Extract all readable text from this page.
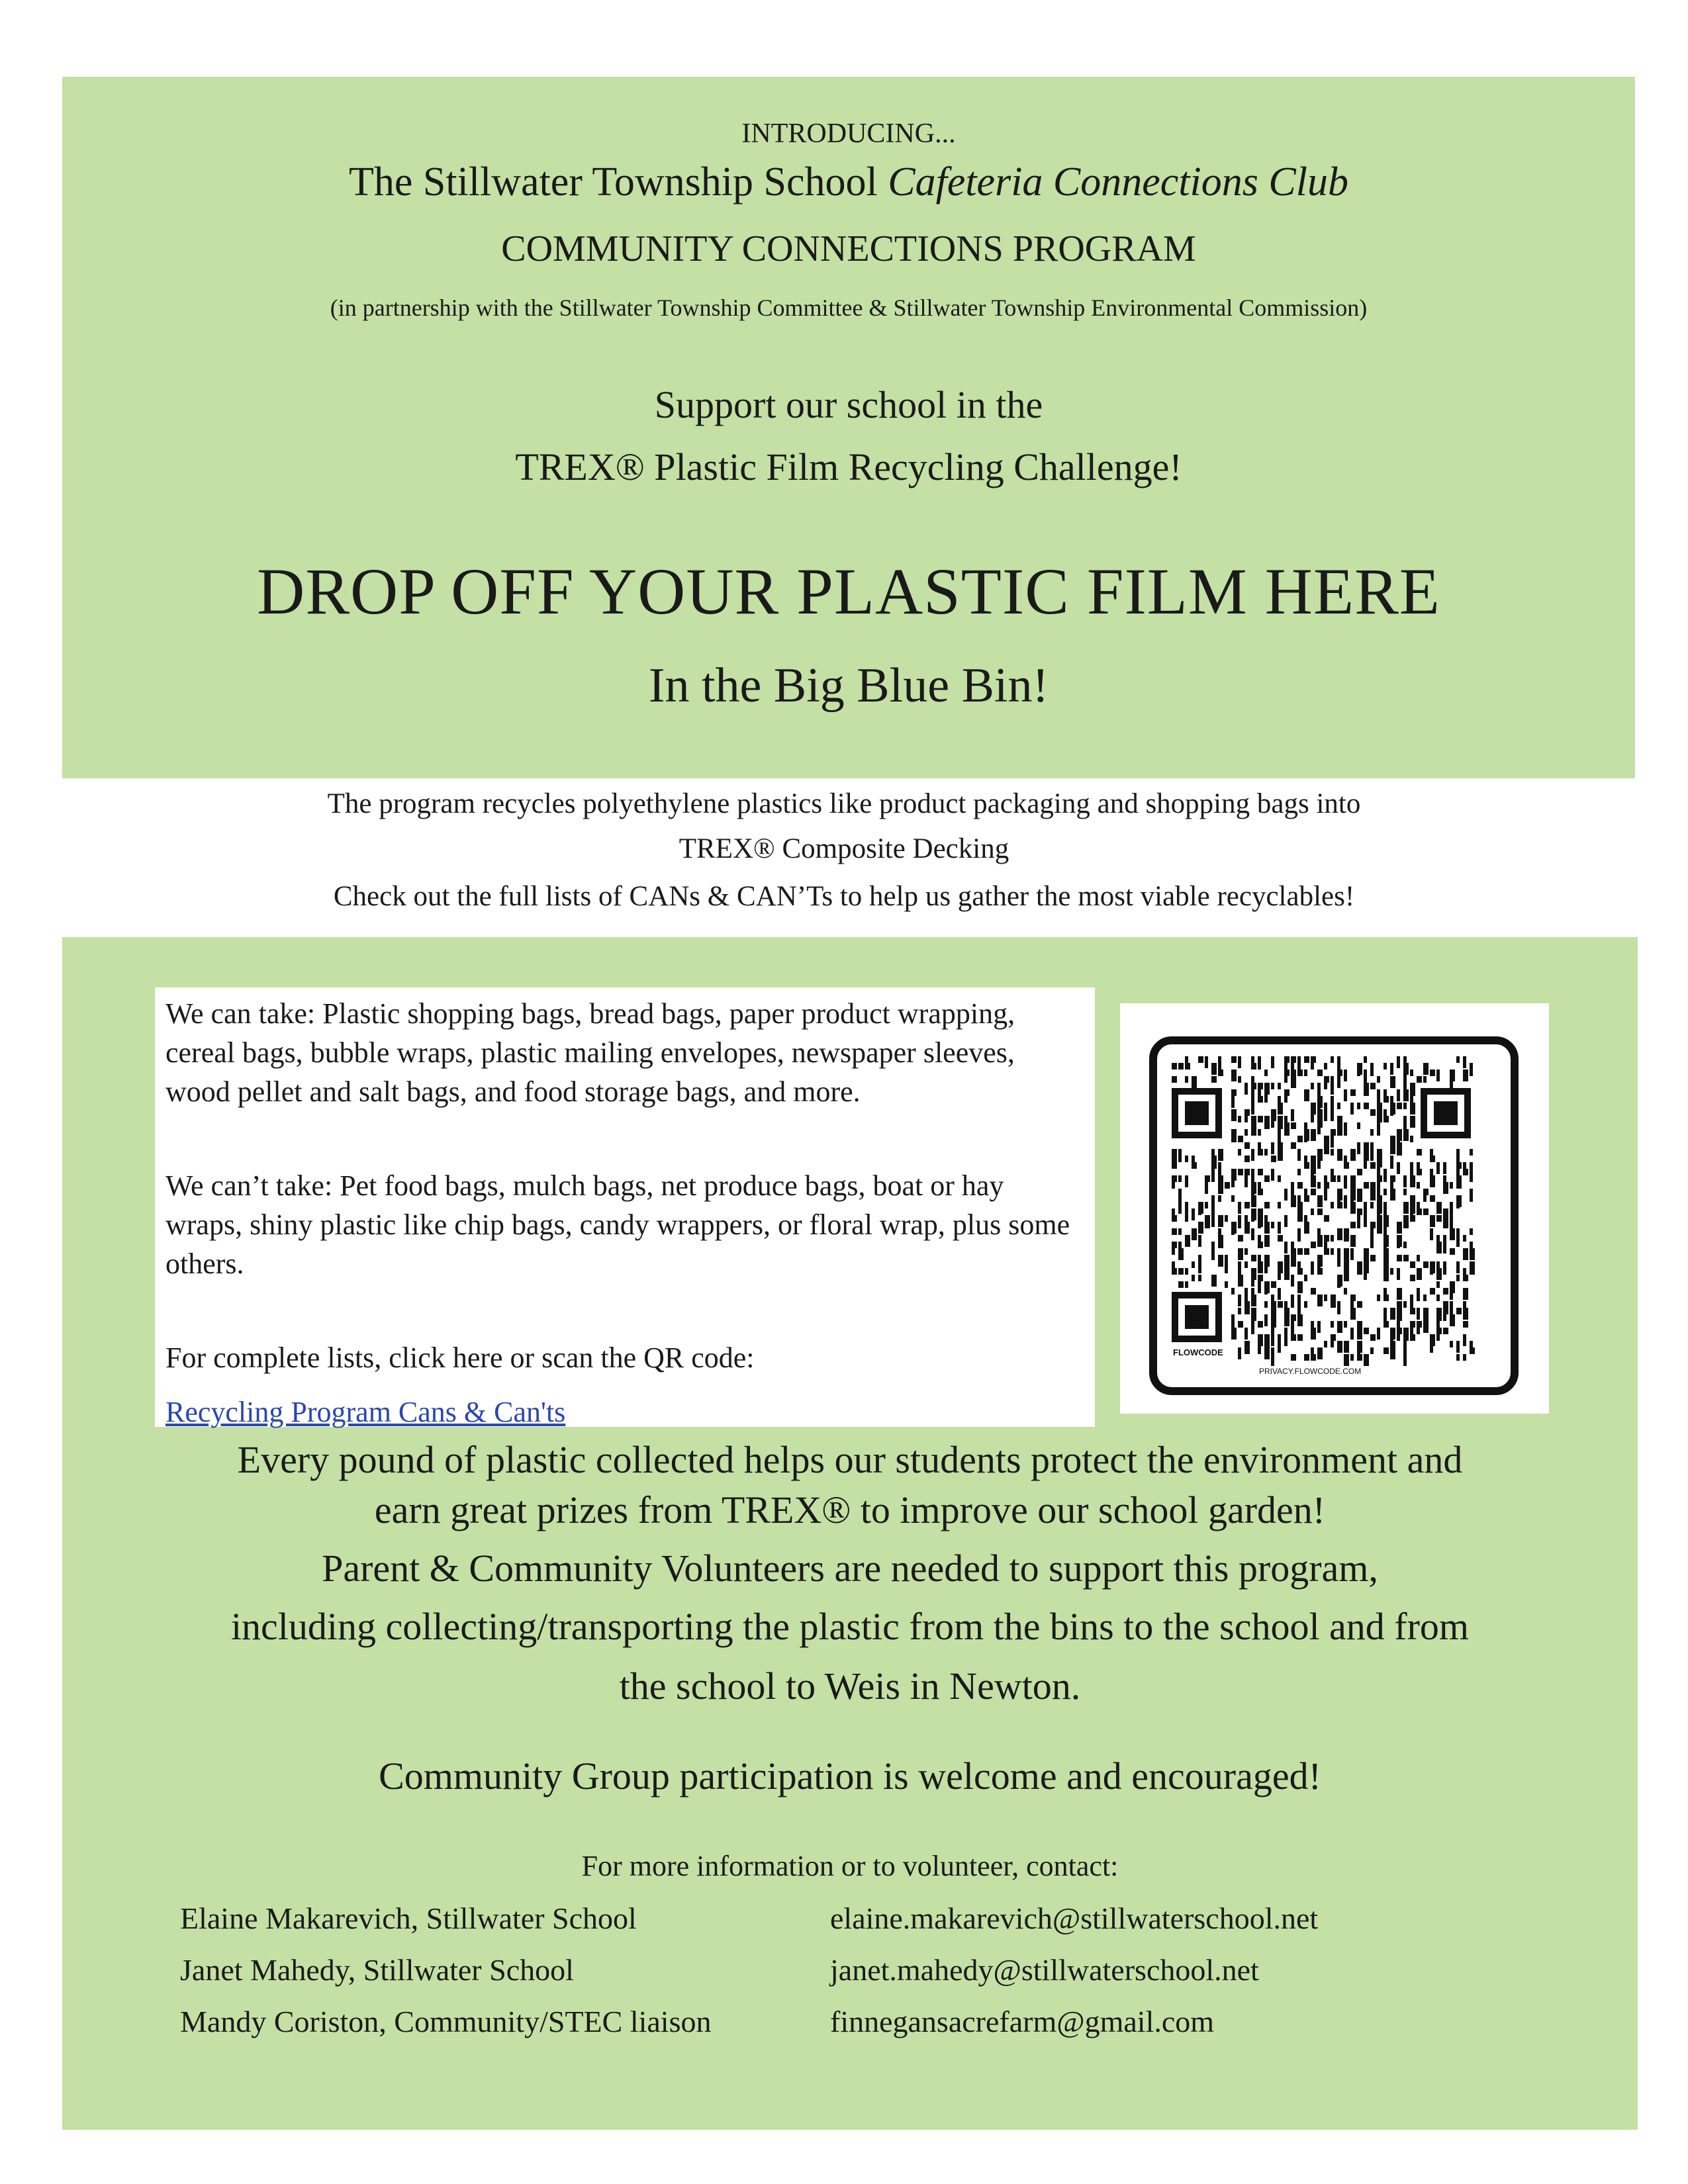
INTRODUCING...

The Stillwater Township School Cafeteria Connections Club

COMMUNITY CONNECTIONS PROGRAM

(in partnership with the Stillwater Township Committee & Stillwater Township Environmental Commission)

Support our school in the

TREX® Plastic Film Recycling Challenge!

DROP OFF YOUR PLASTIC FILM HERE

In the Big Blue Bin!

The program recycles polyethylene plastics like product packaging and shopping bags into

TREX® Composite Decking

Check out the full lists of CANs & CAN’Ts to help us gather the most viable recyclables!

We can take: Plastic shopping bags, bread bags, paper product wrapping, cereal bags, bubble wraps, plastic mailing envelopes, newspaper sleeves, wood pellet and salt bags, and food storage bags, and more.

We can’t take: Pet food bags, mulch bags, net produce bags, boat or hay wraps, shiny plastic like chip bags, candy wrappers, or floral wrap, plus some others.

For complete lists, click here or scan the QR code:

Recycling Program Cans & Can'ts

FLOWCODE
PRIVACY.FLOWCODE.COM

Every pound of plastic collected helps our students protect the environment and

earn great prizes from TREX® to improve our school garden!

Parent & Community Volunteers are needed to support this program,

including collecting/transporting the plastic from the bins to the school and from

the school to Weis in Newton.

Community Group participation is welcome and encouraged!

For more information or to volunteer, contact:

Elaine Makarevich, Stillwater School	elaine.makarevich@stillwaterschool.net

Janet Mahedy, Stillwater School	janet.mahedy@stillwaterschool.net

Mandy Coriston, Community/STEC liaison	finnegansacrefarm@gmail.com
